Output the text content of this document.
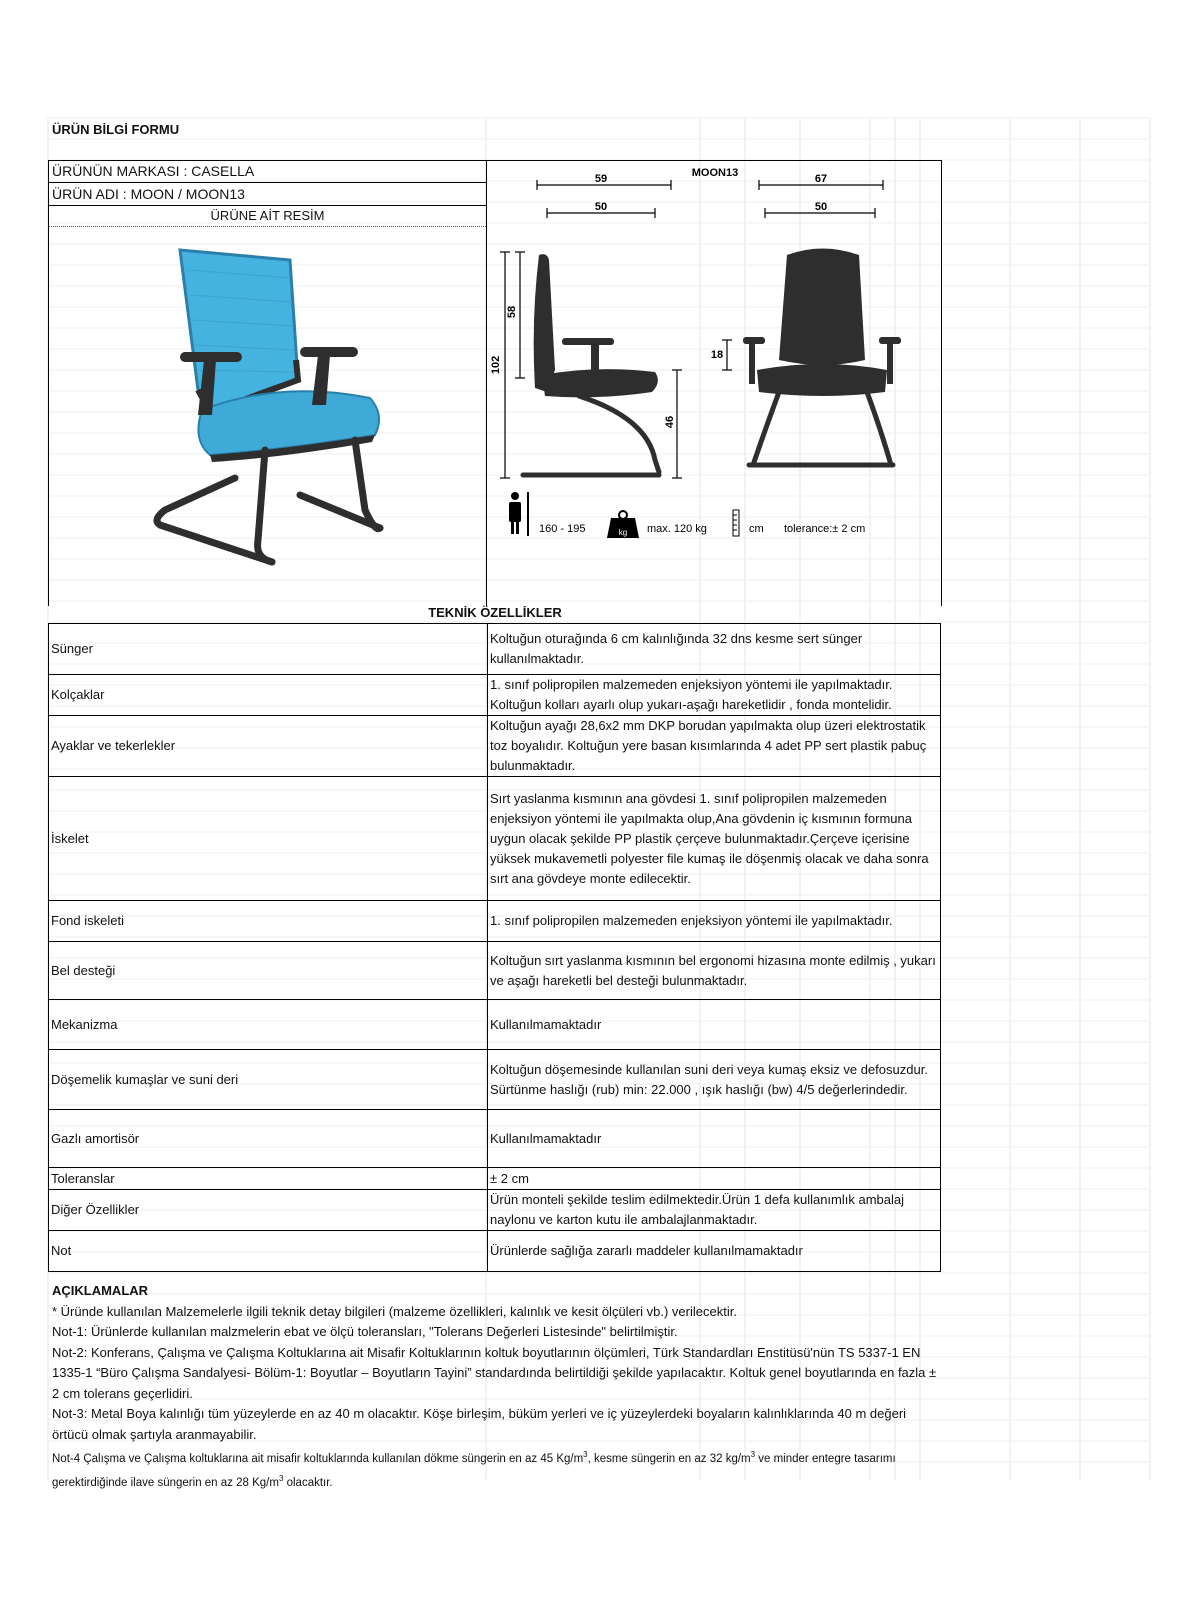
ÜRÜN BİLGİ FORMU
ÜRÜNÜN MARKASI : CASELLA
ÜRÜN ADI : MOON / MOON13
ÜRÜNE AİT RESİM
MOON13
59
50
67
50
102
58
46
18
160 - 195	kg max. 120 kg	cm tolerance:± 2 cm
TEKNİK ÖZELLİKLER
Sünger	Koltuğun oturağında 6 cm kalınlığında 32 dns kesme sert sünger kullanılmaktadır.
Kolçaklar	1. sınıf polipropilen malzemeden enjeksiyon yöntemi ile yapılmaktadır. Koltuğun kolları ayarlı olup yukarı-aşağı hareketlidir , fonda montelidir.
Ayaklar ve tekerlekler	Koltuğun ayağı 28,6x2 mm DKP borudan yapılmakta olup üzeri elektrostatik toz boyalıdır. Koltuğun yere basan kısımlarında 4 adet PP sert plastik pabuç bulunmaktadır.
İskelet	Sırt yaslanma kısmının ana gövdesi 1. sınıf polipropilen malzemeden enjeksiyon yöntemi ile yapılmakta olup,Ana gövdenin iç kısmının formuna uygun olacak şekilde PP plastik çerçeve bulunmaktadır.Çerçeve içerisine yüksek mukavemetli polyester file kumaş ile döşenmiş olacak ve daha sonra sırt ana gövdeye monte edilecektir.
Fond iskeleti	1. sınıf polipropilen malzemeden enjeksiyon yöntemi ile yapılmaktadır.
Bel desteği	Koltuğun sırt yaslanma kısmının bel ergonomi hizasına monte edilmiş , yukarı ve aşağı hareketli bel desteği bulunmaktadır.
Mekanizma	Kullanılmamaktadır
Döşemelik kumaşlar ve suni deri	Koltuğun döşemesinde kullanılan suni deri veya kumaş eksiz ve defosuzdur. Sürtünme haslığı (rub) min: 22.000 , ışık haslığı (bw) 4/5 değerlerindedir.
Gazlı amortisör	Kullanılmamaktadır
Toleranslar	± 2 cm
Diğer Özellikler	Ürün monteli şekilde teslim edilmektedir.Ürün 1 defa kullanımlık ambalaj naylonu ve karton kutu ile ambalajlanmaktadır.
Not	Ürünlerde sağlığa zararlı maddeler kullanılmamaktadır
AÇIKLAMALAR
* Üründe kullanılan Malzemelerle ilgili teknik detay bilgileri (malzeme özellikleri, kalınlık ve kesit ölçüleri vb.) verilecektir.
Not-1: Ürünlerde kullanılan malzmelerin ebat ve ölçü toleransları, "Tolerans Değerleri Listesinde" belirtilmiştir.
Not-2: Konferans, Çalışma ve Çalışma Koltuklarına ait Misafir Koltuklarının koltuk boyutlarının ölçümleri, Türk Standardları Enstitüsü'nün TS 5337-1 EN 1335-1 “Büro Çalışma Sandalyesi- Bölüm-1: Boyutlar – Boyutların Tayini” standardında belirtildiği şekilde yapılacaktır. Koltuk genel boyutlarında en fazla ± 2 cm tolerans geçerlidiri.
Not-3: Metal Boya kalınlığı tüm yüzeylerde en az 40 m olacaktır. Köşe birleşim, büküm yerleri ve iç yüzeylerdeki boyaların kalınlıklarında 40 m değeri örtücü olmak şartıyla aranmayabilir.
Not-4 Çalışma ve Çalışma koltuklarına ait misafir koltuklarında kullanılan dökme süngerin en az 45 $Kg/m^3$, kesme süngerin en az 32 $kg/m^3$ ve minder entegre tasarımı gerektirdiğinde ilave süngerin en az 28 $Kg/m^3$ olacaktır.
